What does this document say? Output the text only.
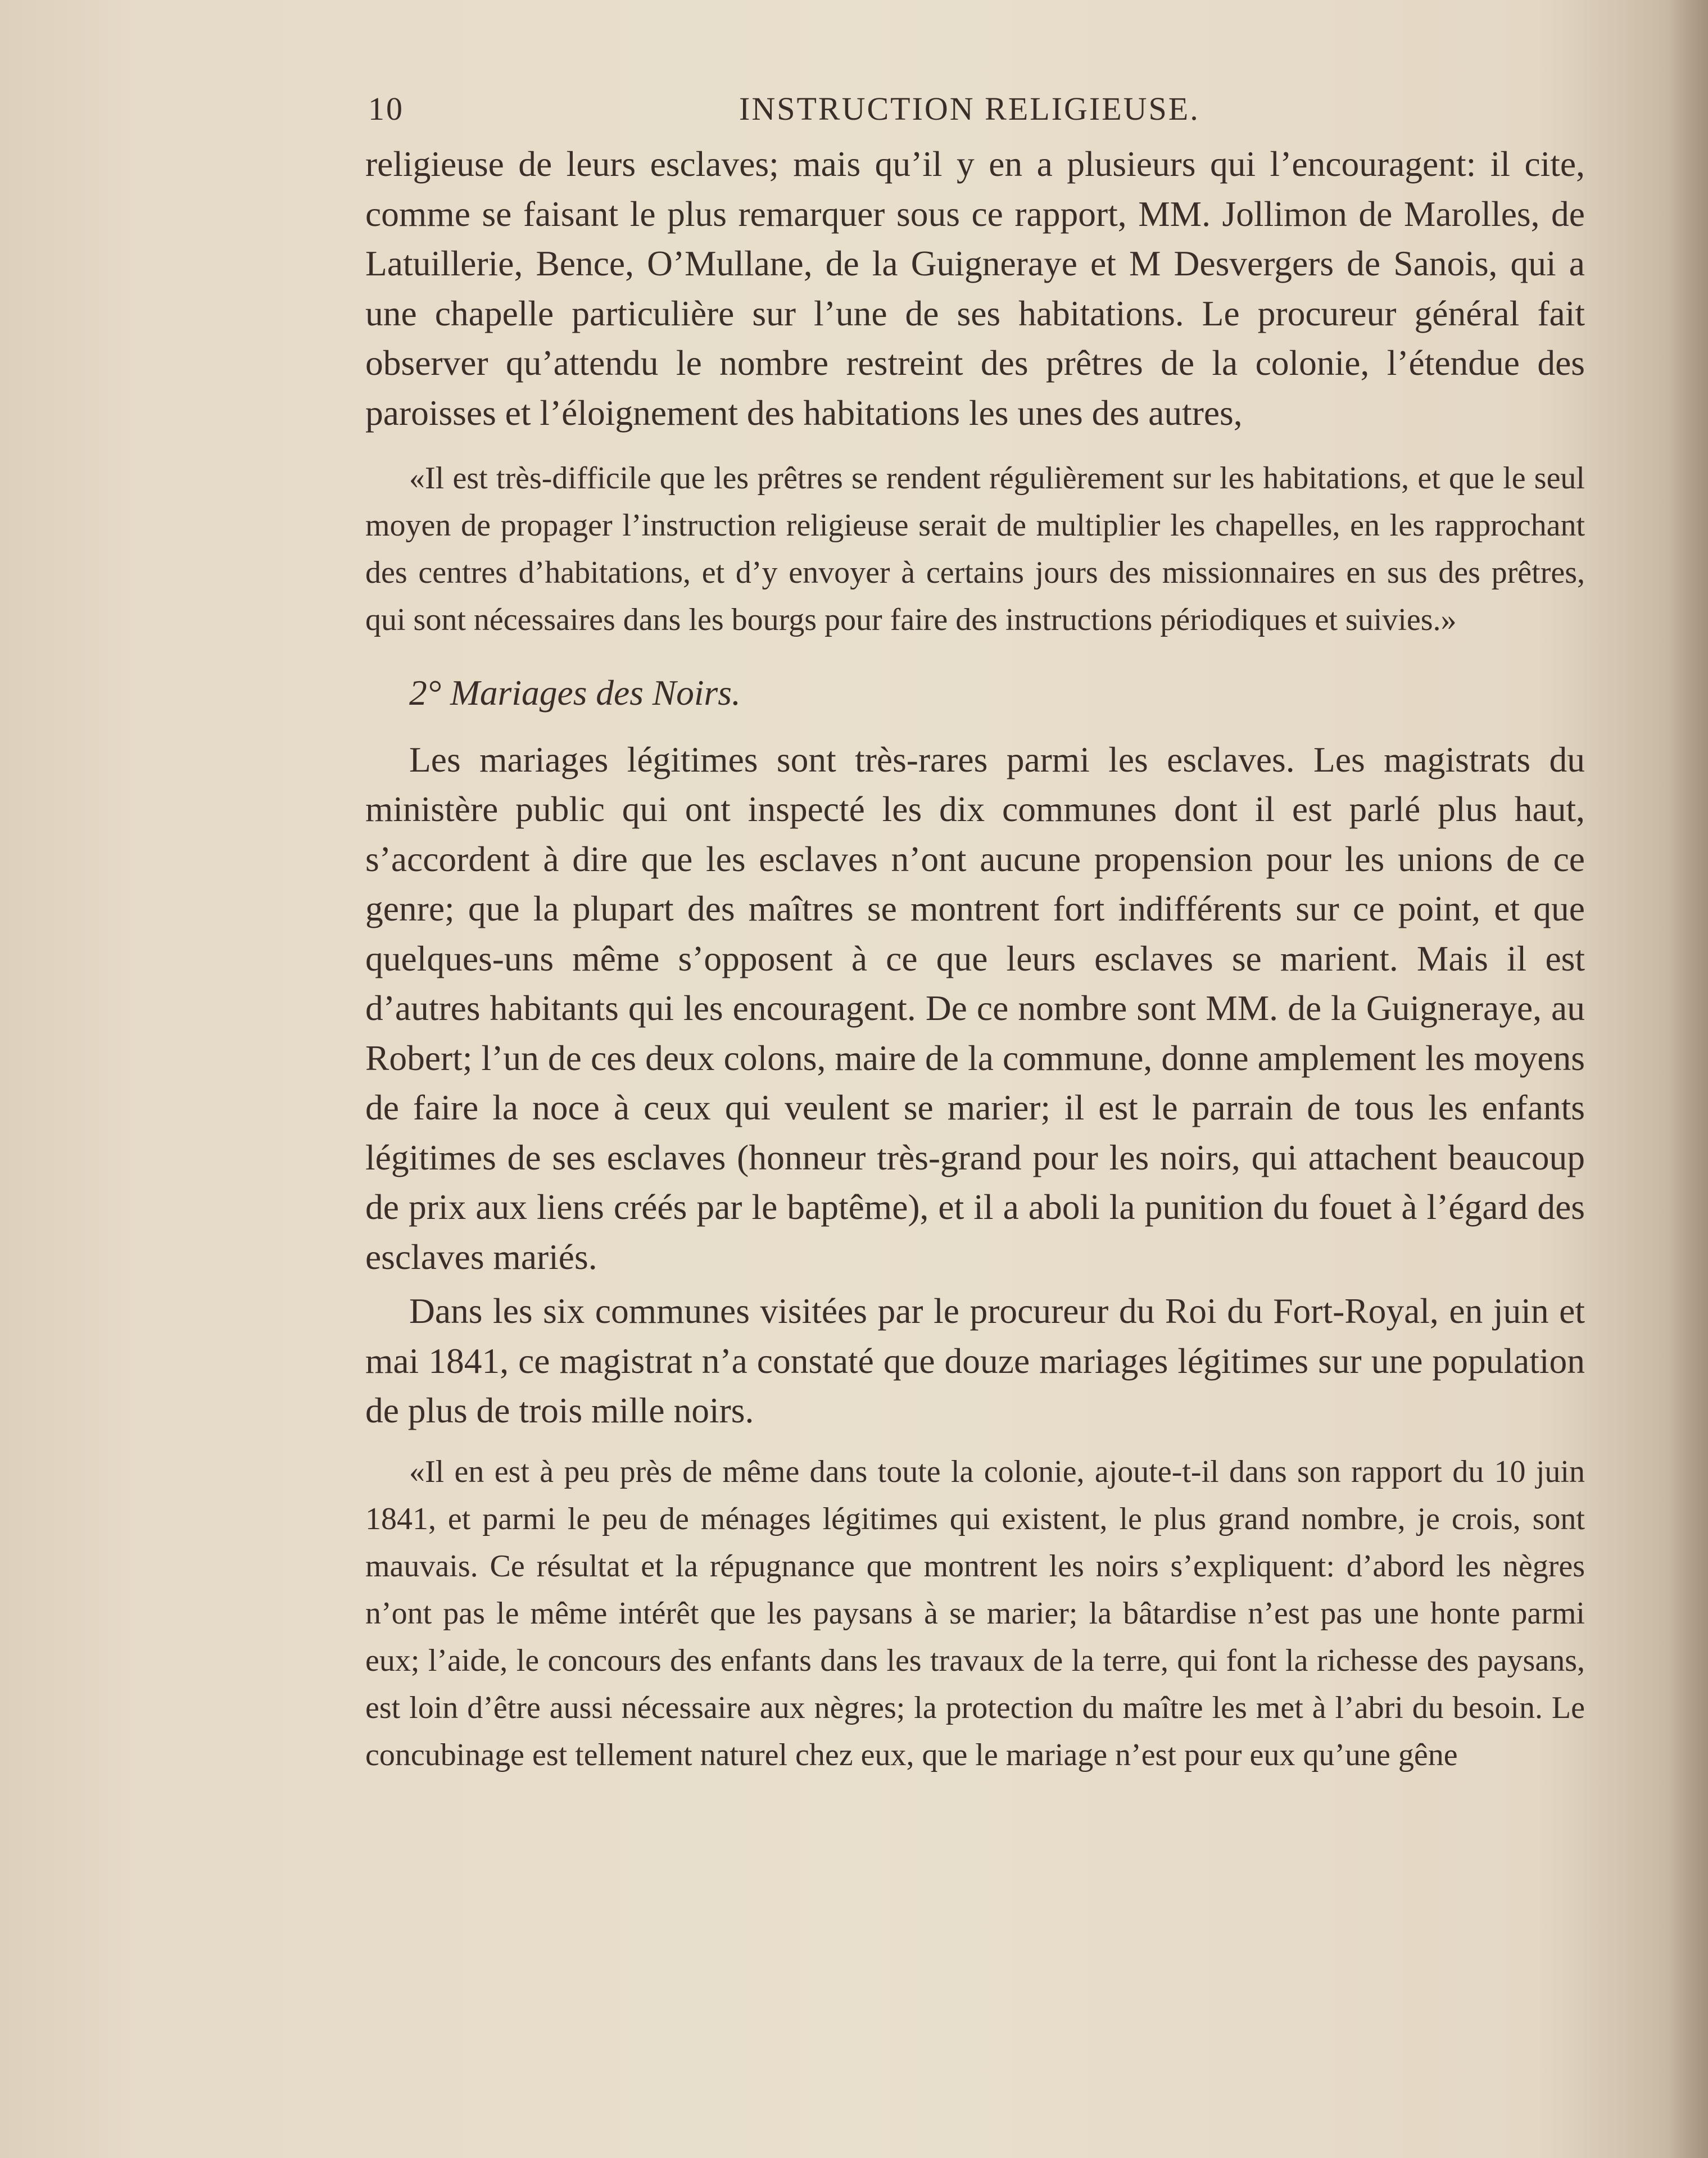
10	INSTRUCTION RELIGIEUSE.

religieuse de leurs esclaves; mais qu’il y en a plusieurs qui l’encouragent: il cite, comme se faisant le plus remarquer sous ce rapport, MM. Jollimon de Marolles, de Latuillerie, Bence, O’Mullane, de la Guigneraye et M Desvergers de Sanois, qui a une chapelle particulière sur l’une de ses habitations. Le procureur général fait observer qu’attendu le nombre restreint des prêtres de la colonie, l’étendue des paroisses et l’éloignement des habitations les unes des autres,

«Il est très-difficile que les prêtres se rendent régulièrement sur les habitations, et que le seul moyen de propager l’instruction religieuse serait de multiplier les chapelles, en les rapprochant des centres d’habitations, et d’y envoyer à certains jours des missionnaires en sus des prêtres, qui sont nécessaires dans les bourgs pour faire des instructions périodiques et suivies.»

2° Mariages des Noirs.

Les mariages légitimes sont très-rares parmi les esclaves. Les magistrats du ministère public qui ont inspecté les dix communes dont il est parlé plus haut, s’accordent à dire que les esclaves n’ont aucune propension pour les unions de ce genre; que la plupart des maîtres se montrent fort indifférents sur ce point, et que quelques-uns même s’opposent à ce que leurs esclaves se marient. Mais il est d’autres habitants qui les encouragent. De ce nombre sont MM. de la Guigneraye, au Robert; l’un de ces deux colons, maire de la commune, donne amplement les moyens de faire la noce à ceux qui veulent se marier; il est le parrain de tous les enfants légitimes de ses esclaves (honneur très-grand pour les noirs, qui attachent beaucoup de prix aux liens créés par le baptême), et il a aboli la punition du fouet à l’égard des esclaves mariés.

Dans les six communes visitées par le procureur du Roi du Fort-Royal, en juin et mai 1841, ce magistrat n’a constaté que douze mariages légitimes sur une population de plus de trois mille noirs.

«Il en est à peu près de même dans toute la colonie, ajoute-t-il dans son rapport du 10 juin 1841, et parmi le peu de ménages légitimes qui existent, le plus grand nombre, je crois, sont mauvais. Ce résultat et la répugnance que montrent les noirs s’expliquent: d’abord les nègres n’ont pas le même intérêt que les paysans à se marier; la bâtardise n’est pas une honte parmi eux; l’aide, le concours des enfants dans les travaux de la terre, qui font la richesse des paysans, est loin d’être aussi nécessaire aux nègres; la protection du maître les met à l’abri du besoin. Le concubinage est tellement naturel chez eux, que le mariage n’est pour eux qu’une gêne
